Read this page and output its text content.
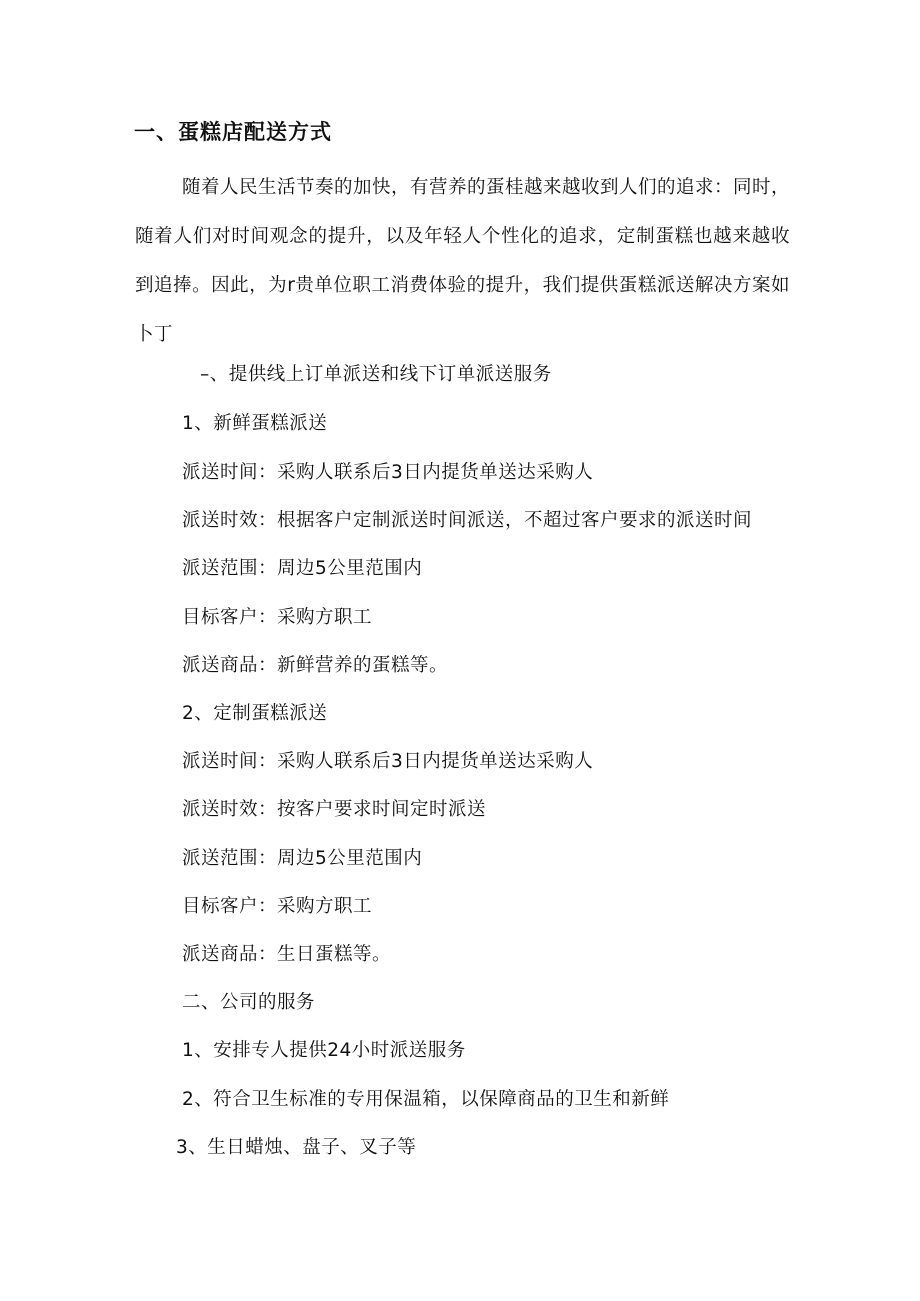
一、蛋糕店配送方式

随着人民生活节奏的加快，有营养的蛋桂越来越收到人们的追求：同时，随着人们对时间观念的提升，以及年轻人个性化的追求，定制蛋糕也越来越收到追捧。因此，为r贵单位职工消费体验的提升，我们提供蛋糕派送解决方案如卜丁

–、提供线上订单派送和线下订单派送服务
1、新鲜蛋糕派送
派送时间：采购人联系后3日内提货单送达采购人
派送时效：根据客户定制派送时间派送，不超过客户要求的派送时间
派送范围：周边5公里范围内
目标客户：采购方职工
派送商品：新鲜营养的蛋糕等。
2、定制蛋糕派送
派送时间：采购人联系后3日内提货单送达采购人
派送时效：按客户要求时间定时派送
派送范围：周边5公里范围内
目标客户：采购方职工
派送商品：生日蛋糕等。
二、公司的服务
1、安排专人提供24小时派送服务
2、符合卫生标准的专用保温箱，以保障商品的卫生和新鲜
3、生日蜡烛、盘子、叉子等
